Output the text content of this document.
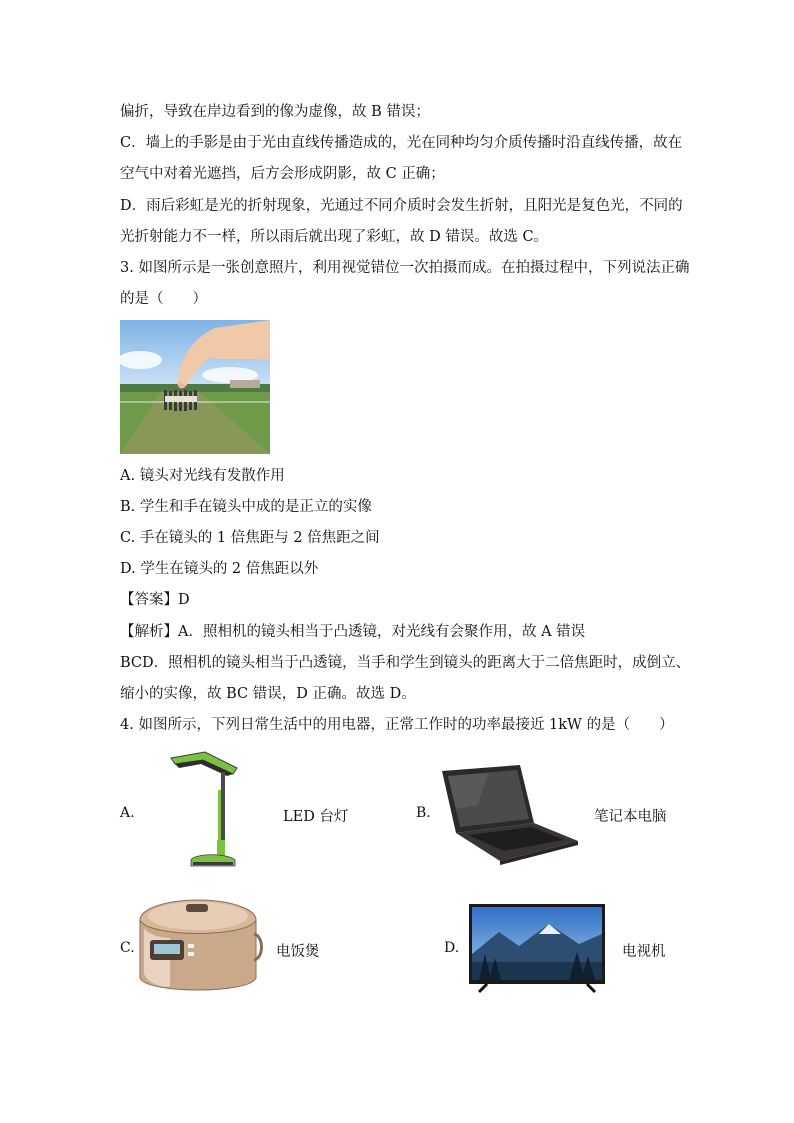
偏折，导致在岸边看到的像为虚像，故 B 错误；
C．墙上的手影是由于光由直线传播造成的，光在同种均匀介质传播时沿直线传播，故在
空气中对着光遮挡，后方会形成阴影，故 C 正确；
D．雨后彩虹是光的折射现象，光通过不同介质时会发生折射，且阳光是复色光，不同的
光折射能力不一样，所以雨后就出现了彩虹，故 D 错误。故选 C。
3. 如图所示是一张创意照片，利用视觉错位一次拍摄而成。在拍摄过程中，下列说法正确
的是（　　）
A. 镜头对光线有发散作用
B. 学生和手在镜头中成的是正立的实像
C. 手在镜头的 1 倍焦距与 2 倍焦距之间
D. 学生在镜头的 2 倍焦距以外
【答案】D
【解析】A．照相机的镜头相当于凸透镜，对光线有会聚作用，故 A 错误
BCD．照相机的镜头相当于凸透镜，当手和学生到镜头的距离大于二倍焦距时，成倒立、
缩小的实像，故 BC 错误，D 正确。故选 D。
4. 如图所示，下列日常生活中的用电器，正常工作时的功率最接近 1kW 的是（　　）
A.	LED 台灯	B.	笔记本电脑
C.	电饭煲	D.	电视机
